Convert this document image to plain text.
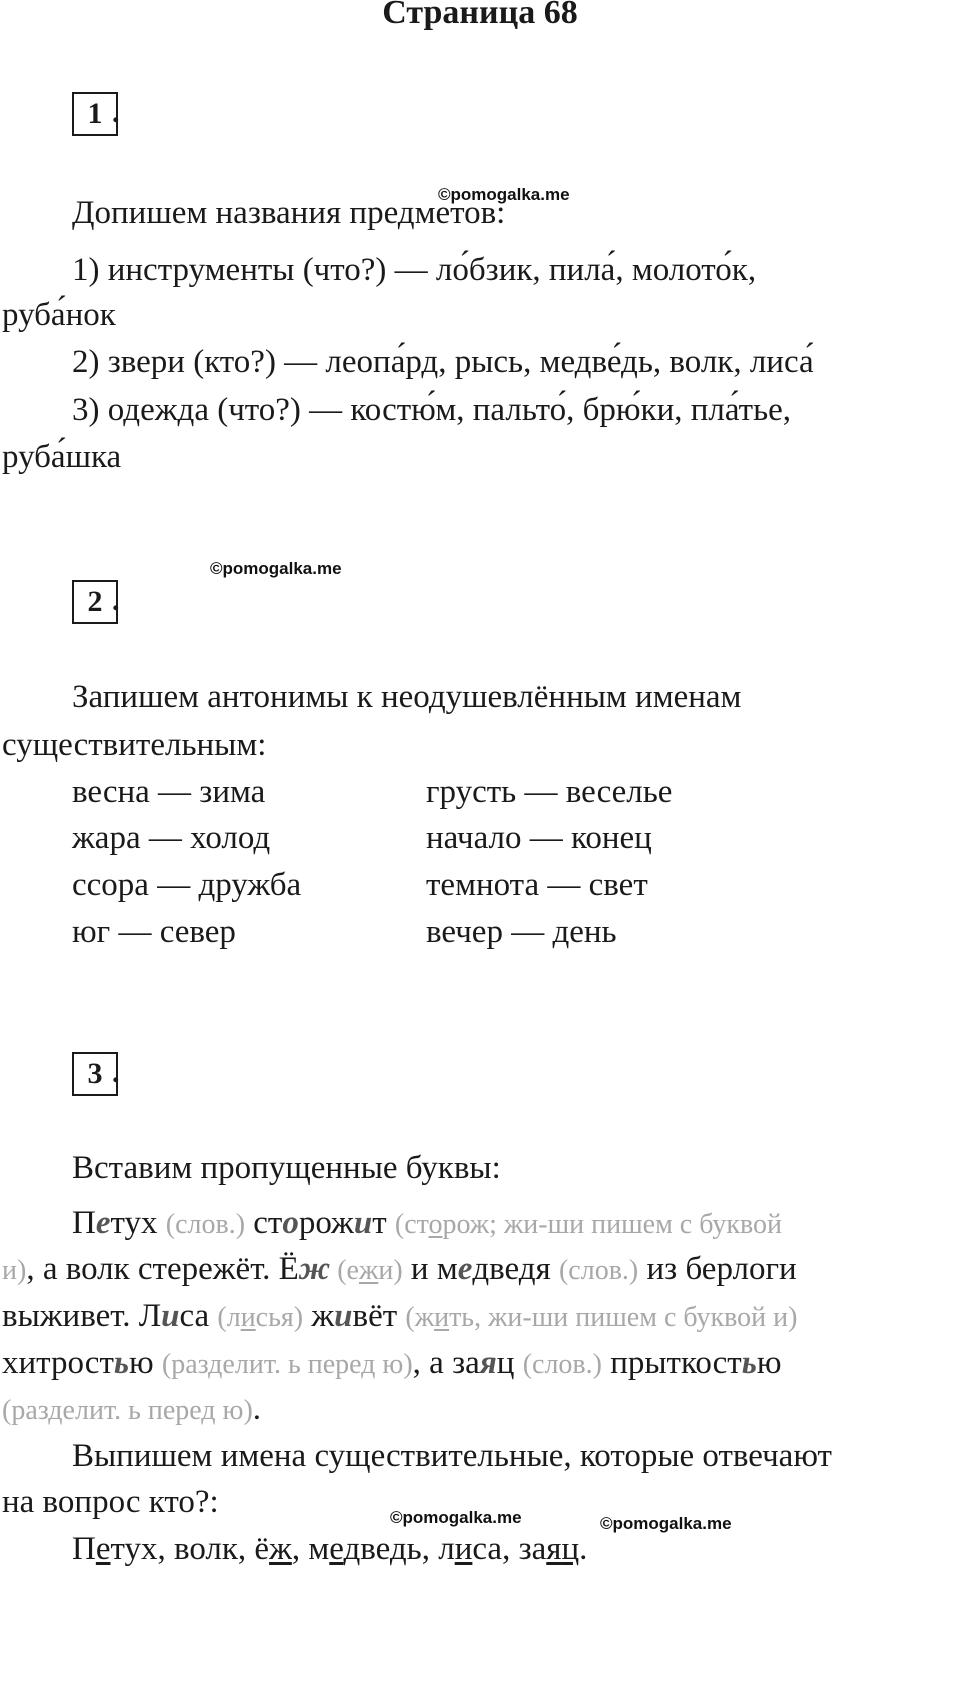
Страница 68
1 .
©pomogalka.me
Допишем названия предметов:
1) инструменты (что?) — ло́бзик, пила́, молото́к,
руба́нок
2) звери (кто?) — леопа́рд, рысь, медве́дь, волк, лиса́
3) одежда (что?) — костю́м, пальто́, брю́ки, пла́тье,
руба́шка
©pomogalka.me
2 .
Запишем антонимы к неодушевлённым именам
существительным:
весна — зима
жара — холод
ссора — дружба
юг — север
грусть — веселье
начало — конец
темнота — свет
вечер — день
3 .
Вставим пропущенные буквы:
Петух (слов.) сторожит (сторож; жи-ши пишем с буквой
и), а волк стережёт. Ёж (ежи) и медведя (слов.) из берлоги
выживет. Лиса (лисья) живёт (жить, жи-ши пишем с буквой и)
хитростью (разделит. ь перед ю), а заяц (слов.) прыткостью
(разделит. ь перед ю).
Выпишем имена существительные, которые отвечают
на вопрос кто?:	©pomogalka.me	©pomogalka.me
Петух, волк, ёж, медведь, лиса, заяц.
